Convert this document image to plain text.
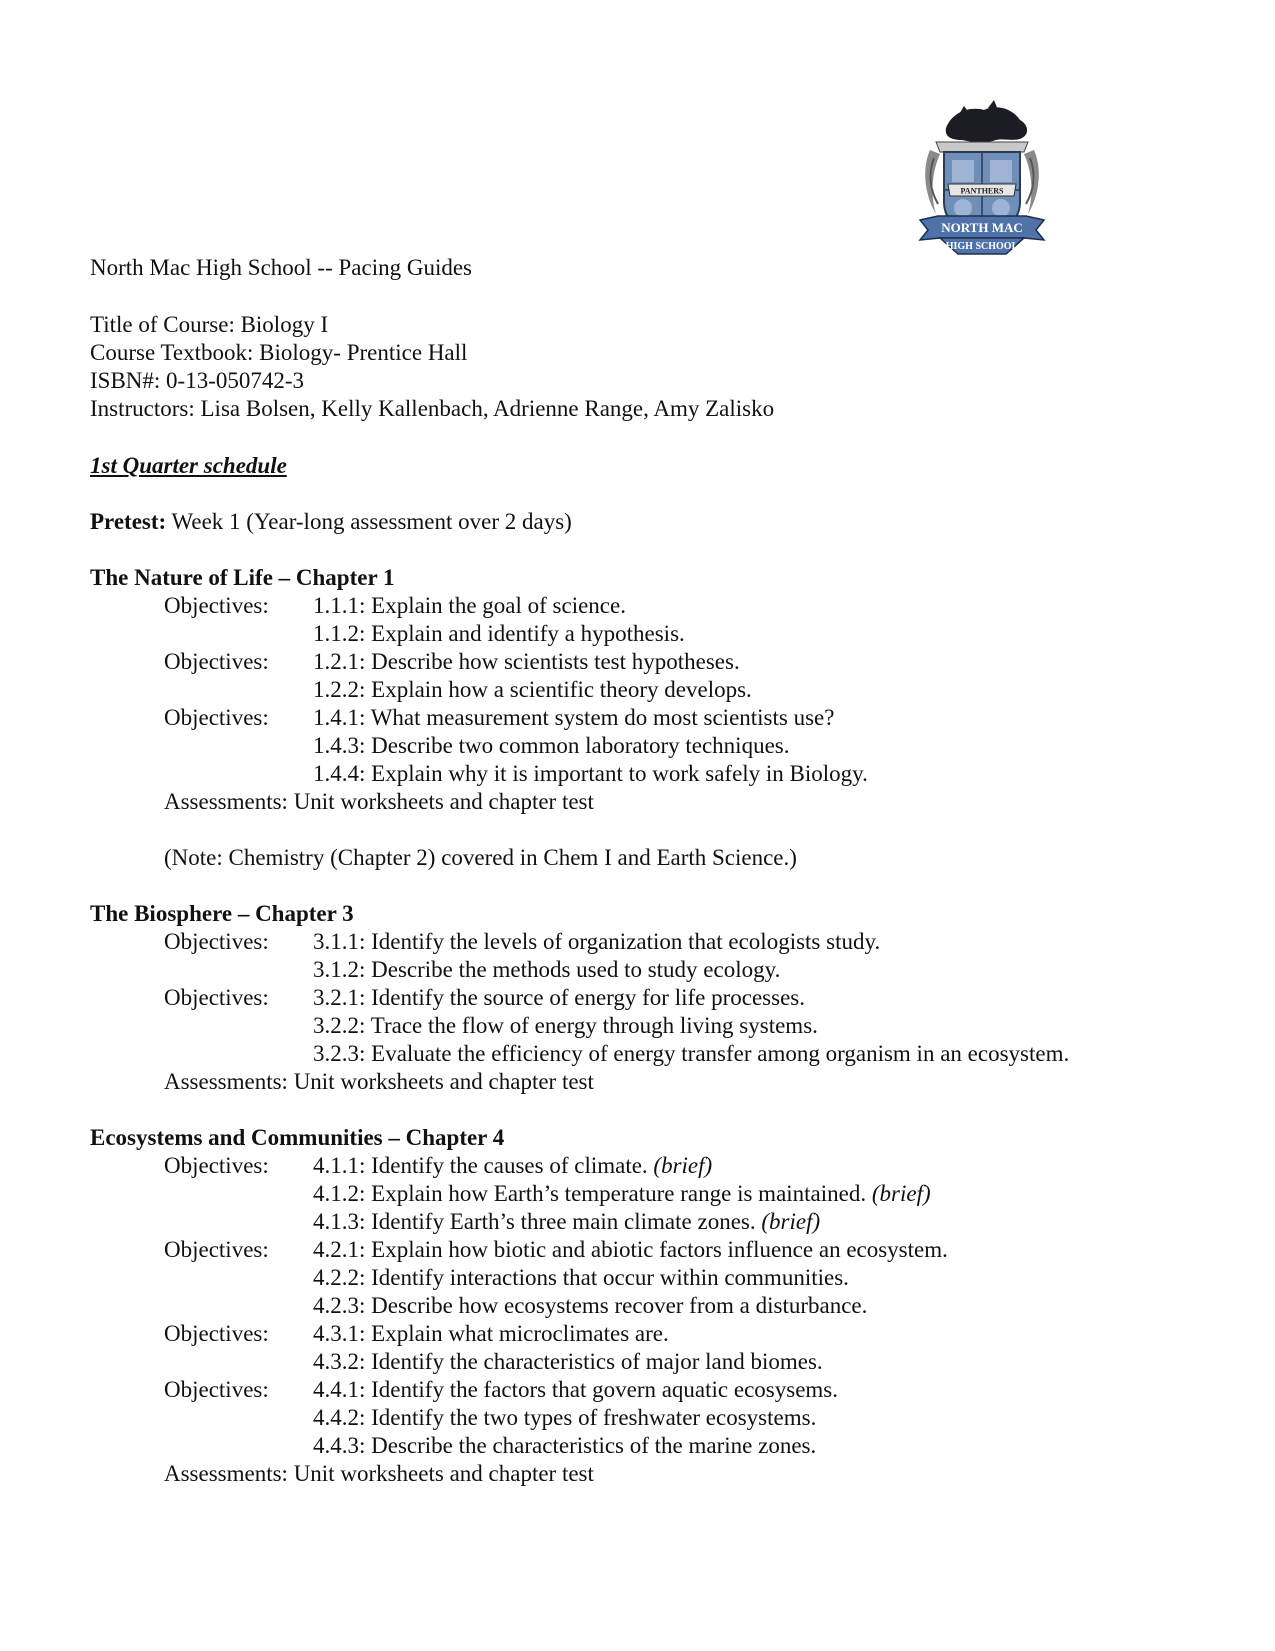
PANTHERS
NORTH MAC
HIGH SCHOOL
North Mac High School -- Pacing Guides
Title of Course: Biology I
Course Textbook: Biology- Prentice Hall
ISBN#: 0-13-050742-3
Instructors: Lisa Bolsen, Kelly Kallenbach, Adrienne Range, Amy Zalisko
1st Quarter schedule
Pretest: Week 1 (Year-long assessment over 2 days)
The Nature of Life – Chapter 1
Objectives: 1.1.1: Explain the goal of science.
1.1.2: Explain and identify a hypothesis.
Objectives: 1.2.1: Describe how scientists test hypotheses.
1.2.2: Explain how a scientific theory develops.
Objectives: 1.4.1: What measurement system do most scientists use?
1.4.3: Describe two common laboratory techniques.
1.4.4: Explain why it is important to work safely in Biology.
Assessments: Unit worksheets and chapter test
(Note: Chemistry (Chapter 2) covered in Chem I and Earth Science.)
The Biosphere – Chapter 3
Objectives: 3.1.1: Identify the levels of organization that ecologists study.
3.1.2: Describe the methods used to study ecology.
Objectives: 3.2.1: Identify the source of energy for life processes.
3.2.2: Trace the flow of energy through living systems.
3.2.3: Evaluate the efficiency of energy transfer among organism in an ecosystem.
Assessments: Unit worksheets and chapter test
Ecosystems and Communities – Chapter 4
Objectives: 4.1.1: Identify the causes of climate. (brief)
4.1.2: Explain how Earth’s temperature range is maintained. (brief)
4.1.3: Identify Earth’s three main climate zones. (brief)
Objectives: 4.2.1: Explain how biotic and abiotic factors influence an ecosystem.
4.2.2: Identify interactions that occur within communities.
4.2.3: Describe how ecosystems recover from a disturbance.
Objectives: 4.3.1: Explain what microclimates are.
4.3.2: Identify the characteristics of major land biomes.
Objectives: 4.4.1: Identify the factors that govern aquatic ecosysems.
4.4.2: Identify the two types of freshwater ecosystems.
4.4.3: Describe the characteristics of the marine zones.
Assessments: Unit worksheets and chapter test
